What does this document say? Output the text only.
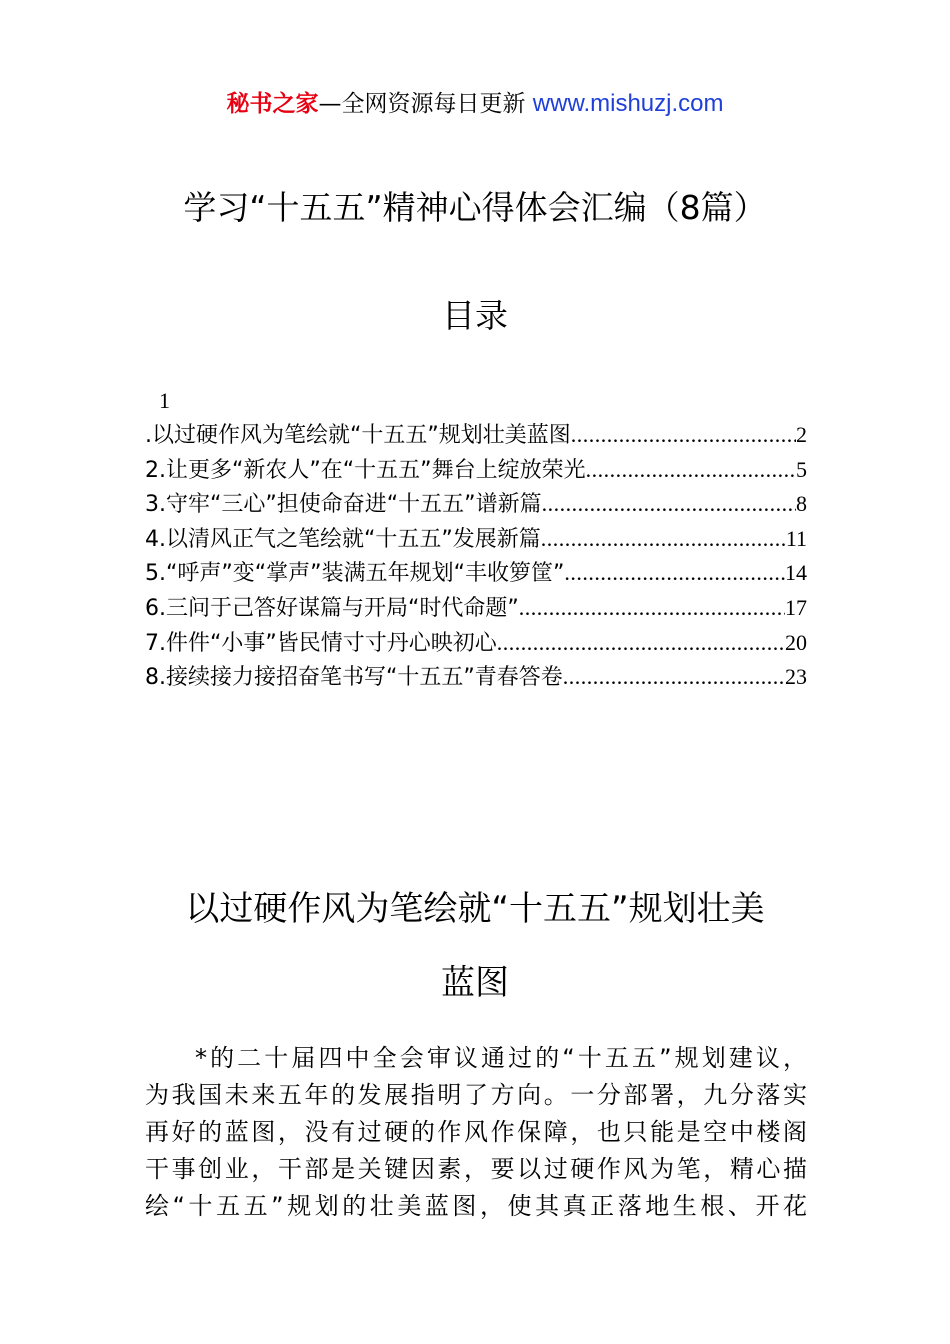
秘书之家—全网资源每日更新 www.mishuzj.com
学习“十五五”精神心得体会汇编（8篇）
目录
1
.以过硬作风为笔绘就“十五五”规划壮美蓝图 .....	2
2.让更多“新农人”在“十五五”舞台上绽放荣光 .....	5
3.守牢“三心”担使命奋进“十五五”谱新篇 .....	8
4.以清风正气之笔绘就“十五五”发展新篇 .....	11
5.“呼声”变“掌声”装满五年规划“丰收箩筐” .....	14
6.三问于己答好谋篇与开局“时代命题” .....	17
7.件件“小事”皆民情寸寸丹心映初心 .....	20
8.接续接力接招奋笔书写“十五五”青春答卷 .....	23
以过硬作风为笔绘就“十五五”规划壮美
蓝图

*的二十届四中全会审议通过的“十五五”规划建议，
为我国未来五年的发展指明了方向。一分部署，九分落实
再好的蓝图，没有过硬的作风作保障，也只能是空中楼阁
干事创业，干部是关键因素，要以过硬作风为笔，精心描
绘“十五五”规划的壮美蓝图，使其真正落地生根、开花
